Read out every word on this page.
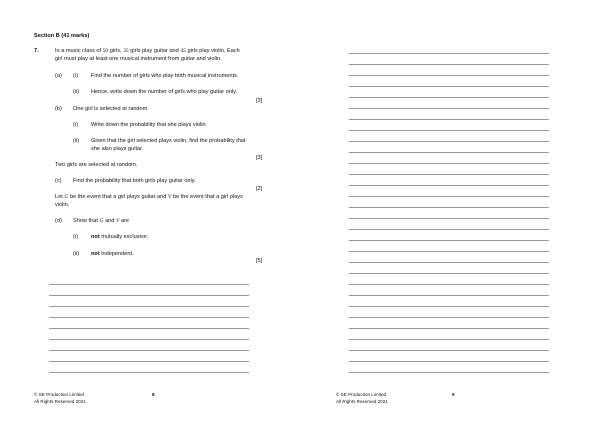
Section B (41 marks)
7.	In a music class of 50 girls, 35 girls play guitar and 45 girls play violin. Each
girl must play at least one musical instrument from guitar and violin.
(a) (i) Find the number of girls who play both musical instruments.
(ii) Hence, write down the number of girls who play guitar only.
[3]
(b) One girl is selected at random.
(i) Write down the probability that she plays violin.
(ii) Given that the girl selected plays violin, find the probability that
she also plays guitar.
[3]
Two girls are selected at random.
(c) Find the probability that both girls play guitar only.
[2]
Let G be the event that a girl plays guitar and V be the event that a girl plays
violin.
(d) Show that G and V are
(i) not mutually exclusive;
(ii) not independent.
[5]
© SE Production Limited
All Rights Reserved 2021
8	© SE Production Limited
All Rights Reserved 2021
9
